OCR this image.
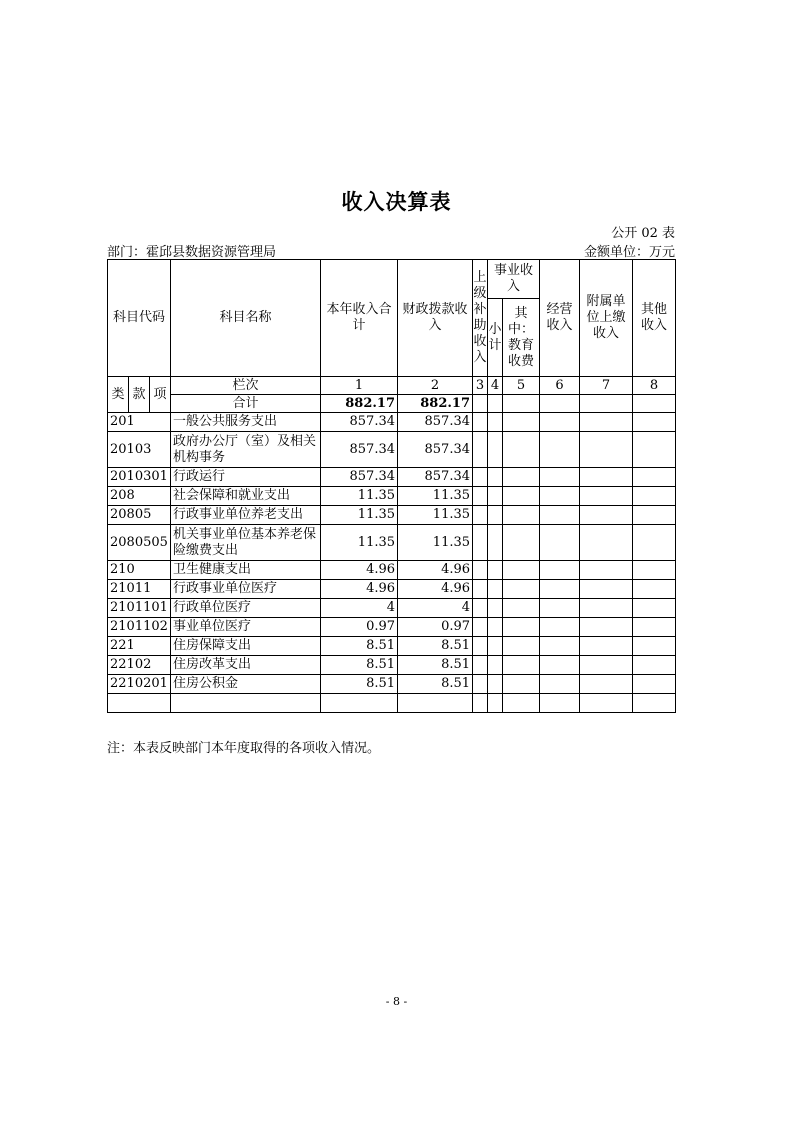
收入决算表
公开 02 表
部门：霍邱县数据资源管理局	金额单位：万元
科目代码			科目名称	本年收入合计	财政拨款收入	上级补助收入	事业收入		经营收入	附属单位上缴收入	其他收入
							小计	其中：教育收费			

类	款	项	栏次	1	2	3	4	5	6	7	8
			合计	882.17	882.17						
201			一般公共服务支出	857.34	857.34						
20103			政府办公厅（室）及相关机构事务	857.34	857.34						
2010301			行政运行	857.34	857.34						
208			社会保障和就业支出	11.35	11.35						
20805			行政事业单位养老支出	11.35	11.35						
2080505			机关事业单位基本养老保险缴费支出	11.35	11.35						
210			卫生健康支出	4.96	4.96						
21011			行政事业单位医疗	4.96	4.96						
2101101			行政单位医疗	4	4						
2101102			事业单位医疗	0.97	0.97						
221			住房保障支出	8.51	8.51						
22102			住房改革支出	8.51	8.51						
2210201			住房公积金	8.51	8.51						

注：本表反映部门本年度取得的各项收入情况。
- 8 -
